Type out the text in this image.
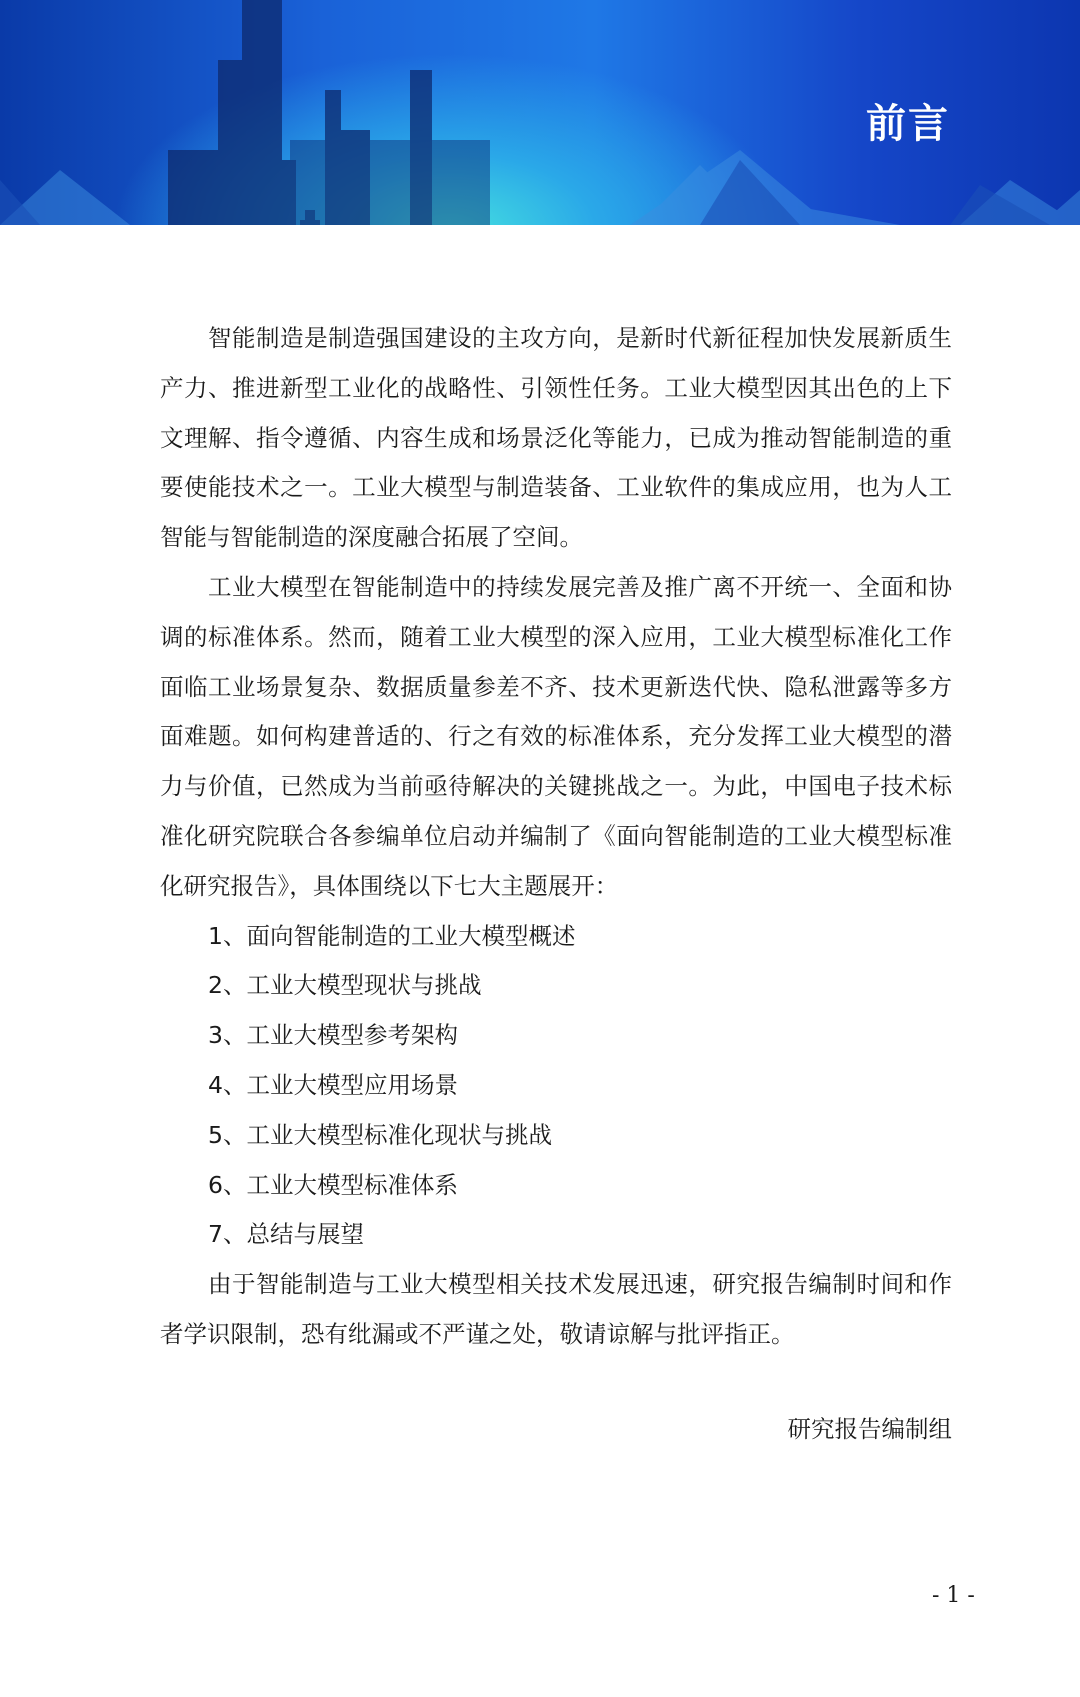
前言

智能制造是制造强国建设的主攻方向，是新时代新征程加快发展新质生产力、推进新型工业化的战略性、引领性任务。工业大模型因其出色的上下文理解、指令遵循、内容生成和场景泛化等能力，已成为推动智能制造的重要使能技术之一。工业大模型与制造装备、工业软件的集成应用，也为人工智能与智能制造的深度融合拓展了空间。

工业大模型在智能制造中的持续发展完善及推广离不开统一、全面和协调的标准体系。然而，随着工业大模型的深入应用，工业大模型标准化工作面临工业场景复杂、数据质量参差不齐、技术更新迭代快、隐私泄露等多方面难题。如何构建普适的、行之有效的标准体系，充分发挥工业大模型的潜力与价值，已然成为当前亟待解决的关键挑战之一。为此，中国电子技术标准化研究院联合各参编单位启动并编制了《面向智能制造的工业大模型标准化研究报告》，具体围绕以下七大主题展开：

1、面向智能制造的工业大模型概述

2、工业大模型现状与挑战

3、工业大模型参考架构

4、工业大模型应用场景

5、工业大模型标准化现状与挑战

6、工业大模型标准体系

7、总结与展望

由于智能制造与工业大模型相关技术发展迅速，研究报告编制时间和作者学识限制，恐有纰漏或不严谨之处，敬请谅解与批评指正。

研究报告编制组
- 1 -
